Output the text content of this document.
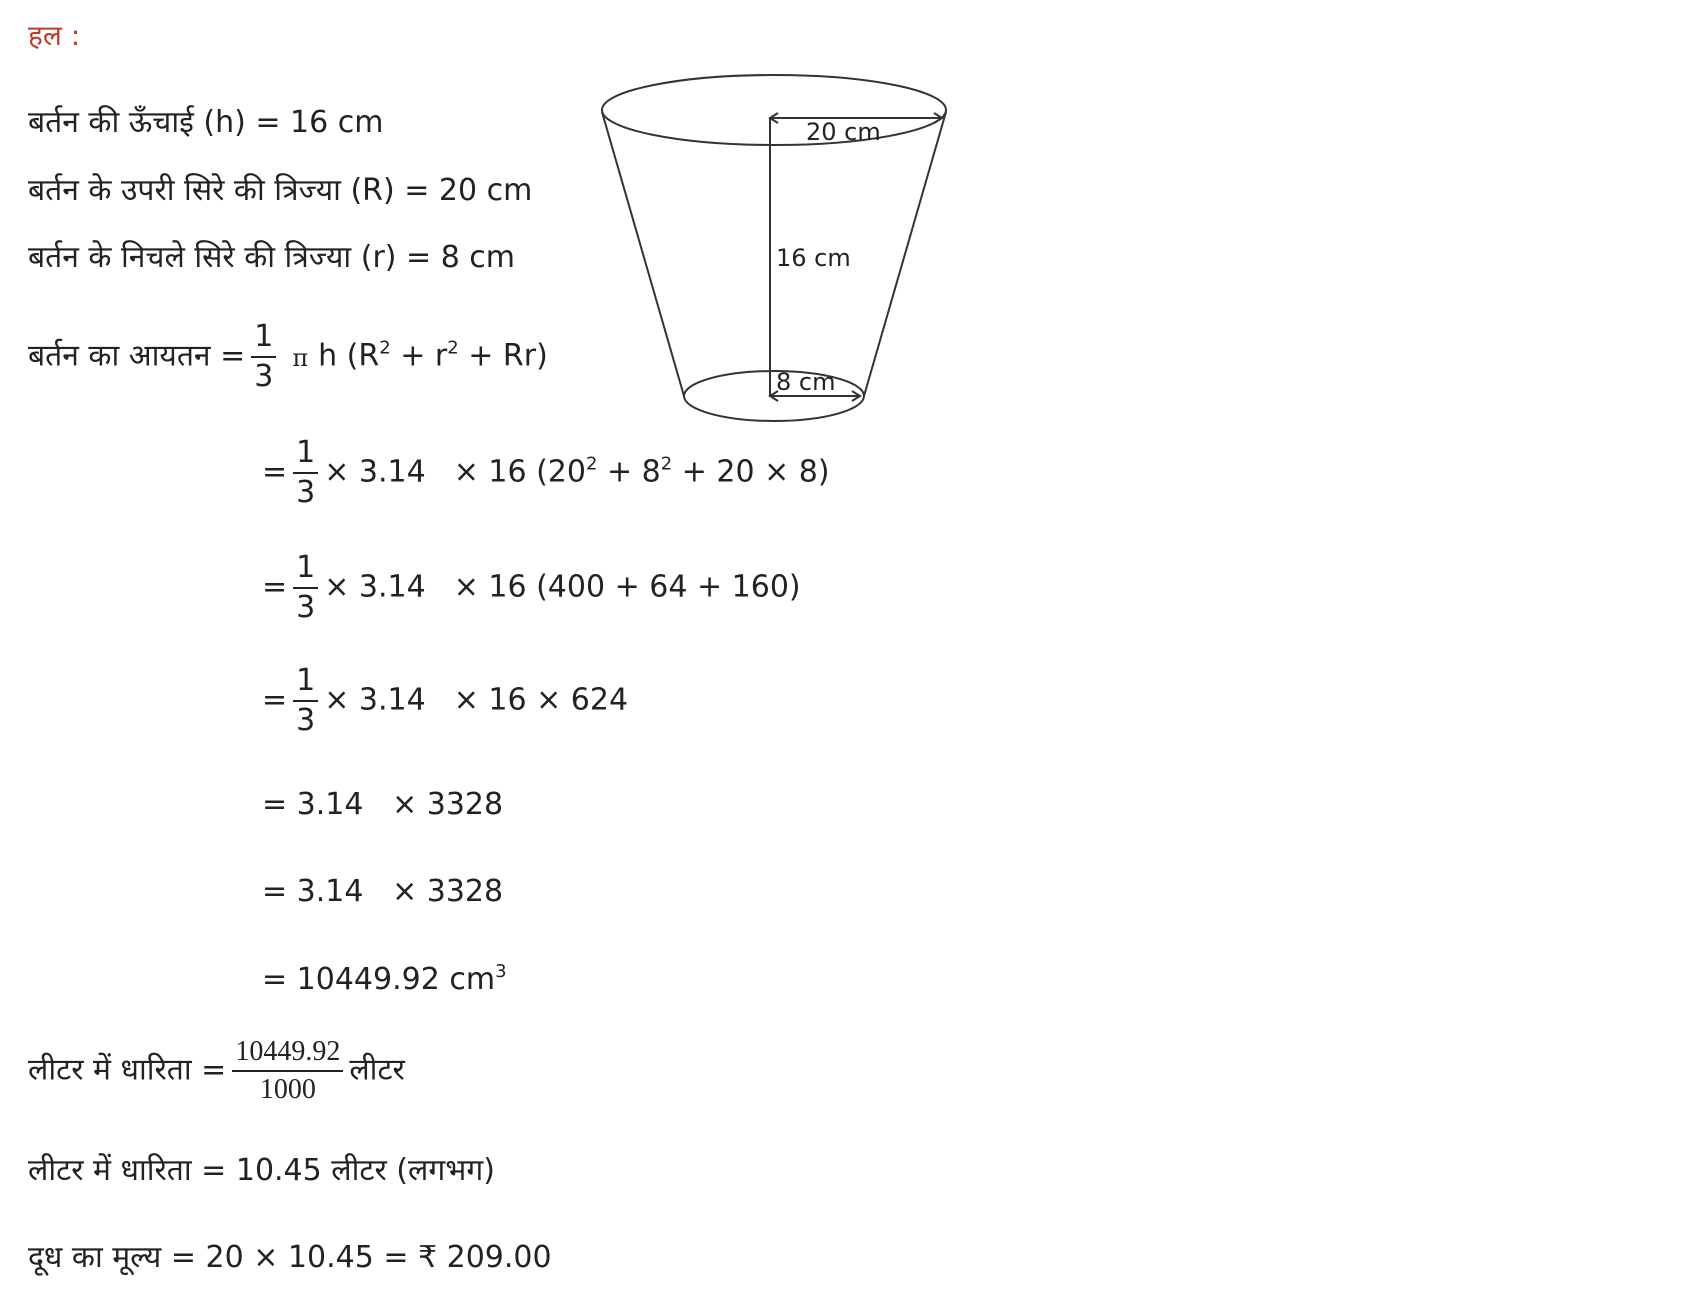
हल :
बर्तन की ऊँचाई (h) = 16 cm
बर्तन के उपरी सिरे की त्रिज्या (R) = 20 cm
बर्तन के निचले सिरे की त्रिज्या (r) = 8 cm
20 cm
16 cm
8 cm
बर्तन का आयतन = $\frac{1}{3}$ π h $(R^2 + r^2 + Rr)$
= $\frac{1}{3} \times 3.14 \times 16$ $(20^2 + 8^2 + 20 \times 8)$
= $\frac{1}{3} \times 3.14 \times 16$ (400 + 64 + 160)
= $\frac{1}{3} \times 3.14 \times 16 \times 624$
= 3.14   × 3328
= 3.14   × 3328
= 10449.92 $cm^3$
लीटर में धारिता = $\frac{10449.92}{1000}$ लीटर
लीटर में धारिता = 10.45 लीटर (लगभग)
दूध का मूल्य = 20 × 10.45 = ₹ 209.00
